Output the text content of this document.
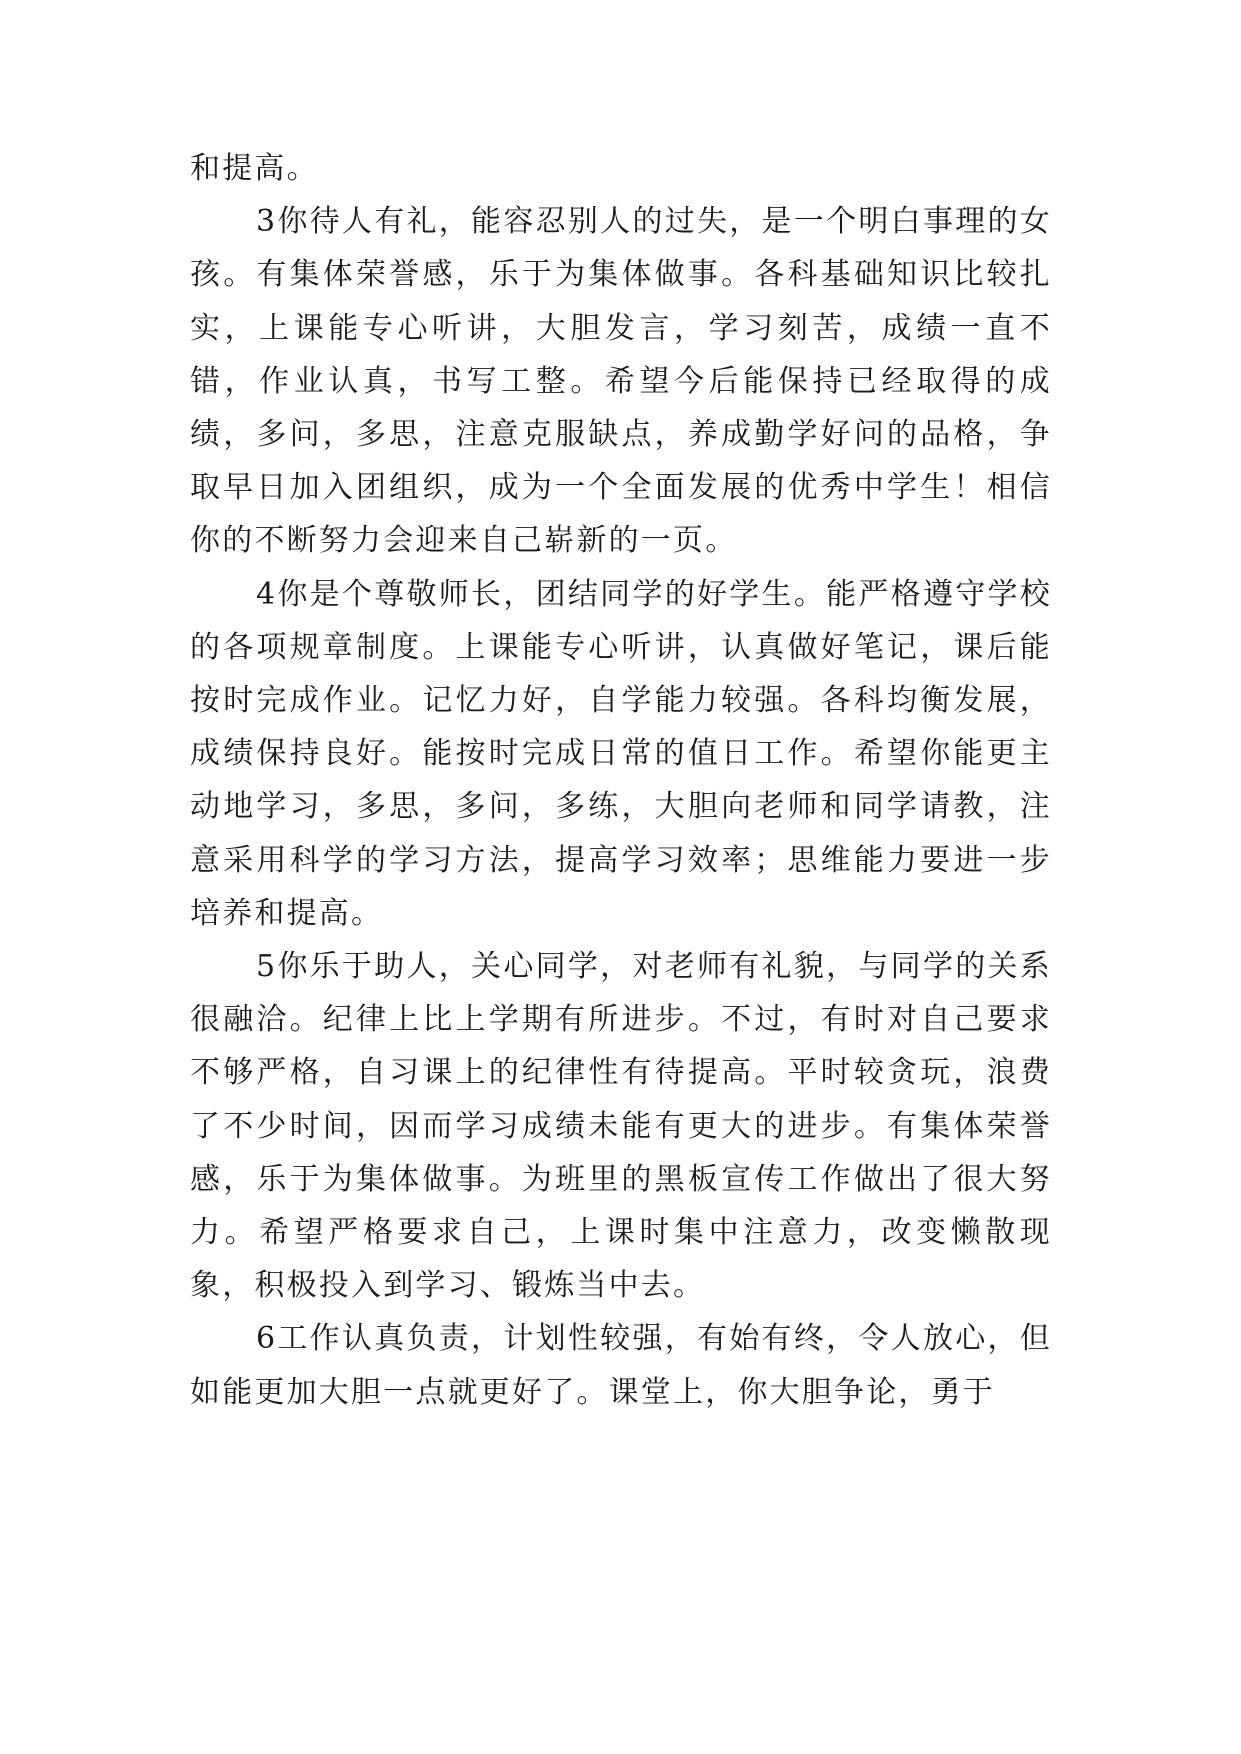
和提高。

3你待人有礼，能容忍别人的过失，是一个明白事理的女孩。有集体荣誉感，乐于为集体做事。各科基础知识比较扎实，上课能专心听讲，大胆发言，学习刻苦，成绩一直不错，作业认真，书写工整。希望今后能保持已经取得的成绩，多问，多思，注意克服缺点，养成勤学好问的品格，争取早日加入团组织，成为一个全面发展的优秀中学生！相信你的不断努力会迎来自己崭新的一页。

4你是个尊敬师长，团结同学的好学生。能严格遵守学校的各项规章制度。上课能专心听讲，认真做好笔记，课后能按时完成作业。记忆力好，自学能力较强。各科均衡发展，成绩保持良好。能按时完成日常的值日工作。希望你能更主动地学习，多思，多问，多练，大胆向老师和同学请教，注意采用科学的学习方法，提高学习效率；思维能力要进一步培养和提高。

5你乐于助人，关心同学，对老师有礼貌，与同学的关系很融洽。纪律上比上学期有所进步。不过，有时对自己要求不够严格，自习课上的纪律性有待提高。平时较贪玩，浪费了不少时间，因而学习成绩未能有更大的进步。有集体荣誉感，乐于为集体做事。为班里的黑板宣传工作做出了很大努力。希望严格要求自己，上课时集中注意力，改变懒散现象，积极投入到学习、锻炼当中去。

6工作认真负责，计划性较强，有始有终，令人放心，但如能更加大胆一点就更好了。课堂上，你大胆争论，勇于
